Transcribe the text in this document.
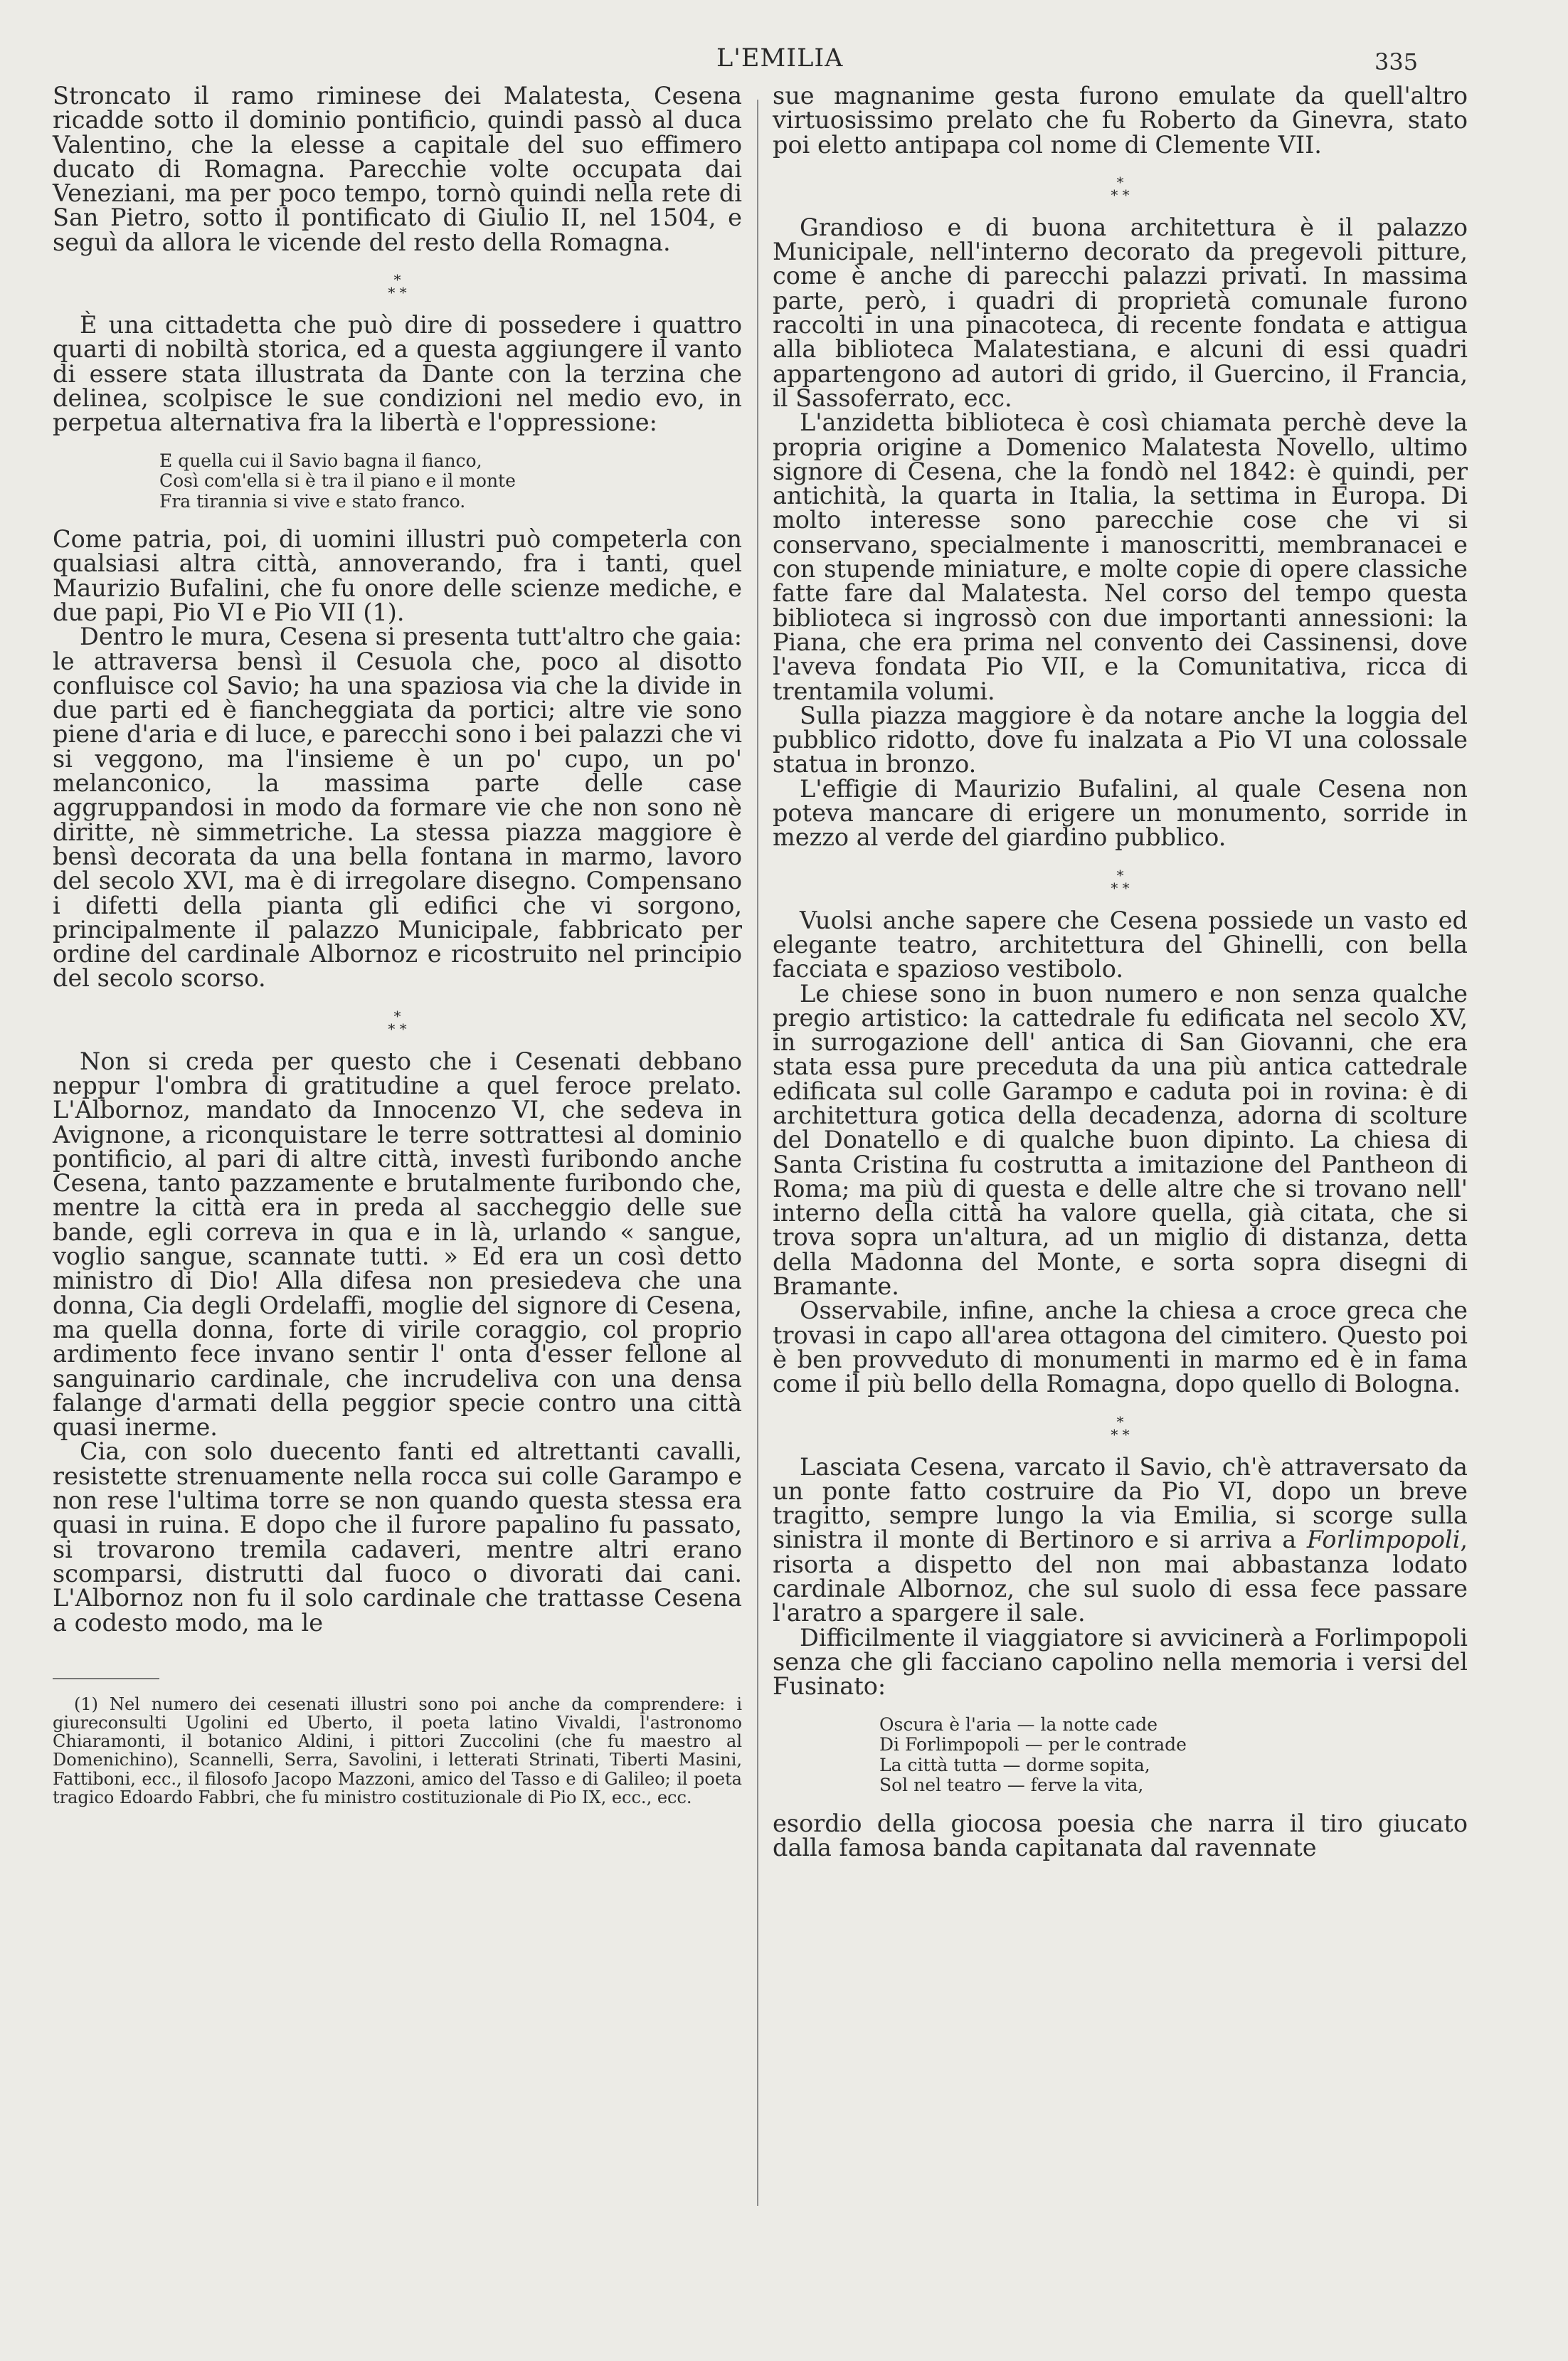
L'EMILIA	335

Stroncato il ramo riminese dei Malatesta, Cesena ricadde sotto il dominio pontificio, quindi passò al duca Valentino, che la elesse a capitale del suo effimero ducato di Romagna. Parecchie volte occupata dai Veneziani, ma per poco tempo, tornò quindi nella rete di San Pietro, sotto il pontificato di Giulio II, nel 1504, e seguì da allora le vicende del resto della Romagna.

*
* *

È una cittadetta che può dire di possedere i quattro quarti di nobiltà storica, ed a questa aggiungere il vanto di essere stata illustrata da Dante con la terzina che delinea, scolpisce le sue condizioni nel medio evo, in perpetua alternativa fra la libertà e l'oppressione:

E quella cui il Savio bagna il fianco,
Così com'ella si è tra il piano e il monte
Fra tirannia si vive e stato franco.

Come patria, poi, di uomini illustri può competerla con qualsiasi altra città, annoverando, fra i tanti, quel Maurizio Bufalini, che fu onore delle scienze mediche, e due papi, Pio VI e Pio VII (1).

Dentro le mura, Cesena si presenta tutt'altro che gaia: le attraversa bensì il Cesuola che, poco al disotto confluisce col Savio; ha una spaziosa via che la divide in due parti ed è fiancheggiata da portici; altre vie sono piene d'aria e di luce, e parecchi sono i bei palazzi che vi si veggono, ma l'insieme è un po' cupo, un po' melanconico, la massima parte delle case aggruppandosi in modo da formare vie che non sono nè diritte, nè simmetriche. La stessa piazza maggiore è bensì decorata da una bella fontana in marmo, lavoro del secolo XVI, ma è di irregolare disegno. Compensano i difetti della pianta gli edifici che vi sorgono, principalmente il palazzo Municipale, fabbricato per ordine del cardinale Albornoz e ricostruito nel principio del secolo scorso.

*
* *

Non si creda per questo che i Cesenati debbano neppur l'ombra di gratitudine a quel feroce prelato. L'Albornoz, mandato da Innocenzo VI, che sedeva in Avignone, a riconquistare le terre sottrattesi al dominio pontificio, al pari di altre città, investì furibondo anche Cesena, tanto pazzamente e brutalmente furibondo che, mentre la città era in preda al saccheggio delle sue bande, egli correva in qua e in là, urlando « sangue, voglio sangue, scannate tutti. » Ed era un così detto ministro di Dio! Alla difesa non presiedeva che una donna, Cia degli Ordelaffi, moglie del signore di Cesena, ma quella donna, forte di virile coraggio, col proprio ardimento fece invano sentir l' onta d'esser fellone al sanguinario cardinale, che incrudeliva con una densa falange d'armati della peggior specie contro una città quasi inerme.

Cia, con solo duecento fanti ed altrettanti cavalli, resistette strenuamente nella rocca sui colle Garampo e non rese l'ultima torre se non quando questa stessa era quasi in ruina. E dopo che il furore papalino fu passato, si trovarono tremila cadaveri, mentre altri erano scomparsi, distrutti dal fuoco o divorati dai cani. L'Albornoz non fu il solo cardinale che trattasse Cesena a codesto modo, ma le

(1) Nel numero dei cesenati illustri sono poi anche da comprendere: i giureconsulti Ugolini ed Uberto, il poeta latino Vivaldi, l'astronomo Chiaramonti, il botanico Aldini, i pittori Zuccolini (che fu maestro al Domenichino), Scannelli, Serra, Savolini, i letterati Strinati, Tiberti Masini, Fattiboni, ecc., il filosofo Jacopo Mazzoni, amico del Tasso e di Galileo; il poeta tragico Edoardo Fabbri, che fu ministro costituzionale di Pio IX, ecc., ecc.

sue magnanime gesta furono emulate da quell'altro virtuosissimo prelato che fu Roberto da Ginevra, stato poi eletto antipapa col nome di Clemente VII.

*
* *

Grandioso e di buona architettura è il palazzo Municipale, nell'interno decorato da pregevoli pitture, come è anche di parecchi palazzi privati. In massima parte, però, i quadri di proprietà comunale furono raccolti in una pinacoteca, di recente fondata e attigua alla biblioteca Malatestiana, e alcuni di essi quadri appartengono ad autori di grido, il Guercino, il Francia, il Sassoferrato, ecc.

L'anzidetta biblioteca è così chiamata perchè deve la propria origine a Domenico Malatesta Novello, ultimo signore di Cesena, che la fondò nel 1842: è quindi, per antichità, la quarta in Italia, la settima in Europa. Di molto interesse sono parecchie cose che vi si conservano, specialmente i manoscritti, membranacei e con stupende miniature, e molte copie di opere classiche fatte fare dal Malatesta. Nel corso del tempo questa biblioteca si ingrossò con due importanti annessioni: la Piana, che era prima nel convento dei Cassinensi, dove l'aveva fondata Pio VII, e la Comunitativa, ricca di trentamila volumi.

Sulla piazza maggiore è da notare anche la loggia del pubblico ridotto, dove fu inalzata a Pio VI una colossale statua in bronzo.

L'effigie di Maurizio Bufalini, al quale Cesena non poteva mancare di erigere un monumento, sorride in mezzo al verde del giardino pubblico.

*
* *

Vuolsi anche sapere che Cesena possiede un vasto ed elegante teatro, architettura del Ghinelli, con bella facciata e spazioso vestibolo.

Le chiese sono in buon numero e non senza qualche pregio artistico: la cattedrale fu edificata nel secolo XV, in surrogazione dell' antica di San Giovanni, che era stata essa pure preceduta da una più antica cattedrale edificata sul colle Garampo e caduta poi in rovina: è di architettura gotica della decadenza, adorna di scolture del Donatello e di qualche buon dipinto. La chiesa di Santa Cristina fu costrutta a imitazione del Pantheon di Roma; ma più di questa e delle altre che si trovano nell' interno della città ha valore quella, già citata, che si trova sopra un'altura, ad un miglio di distanza, detta della Madonna del Monte, e sorta sopra disegni di Bramante.

Osservabile, infine, anche la chiesa a croce greca che trovasi in capo all'area ottagona del cimitero. Questo poi è ben provveduto di monumenti in marmo ed è in fama come il più bello della Romagna, dopo quello di Bologna.

*
* *

Lasciata Cesena, varcato il Savio, ch'è attraversato da un ponte fatto costruire da Pio VI, dopo un breve tragitto, sempre lungo la via Emilia, si scorge sulla sinistra il monte di Bertinoro e si arriva a Forlimpopoli, risorta a dispetto del non mai abbastanza lodato cardinale Albornoz, che sul suolo di essa fece passare l'aratro a spargere il sale.

Difficilmente il viaggiatore si avvicinerà a Forlimpopoli senza che gli facciano capolino nella memoria i versi del Fusinato:

Oscura è l'aria — la notte cade
Di Forlimpopoli — per le contrade
La città tutta — dorme sopita,
Sol nel teatro — ferve la vita,

esordio della giocosa poesia che narra il tiro giucato dalla famosa banda capitanata dal ravennate
